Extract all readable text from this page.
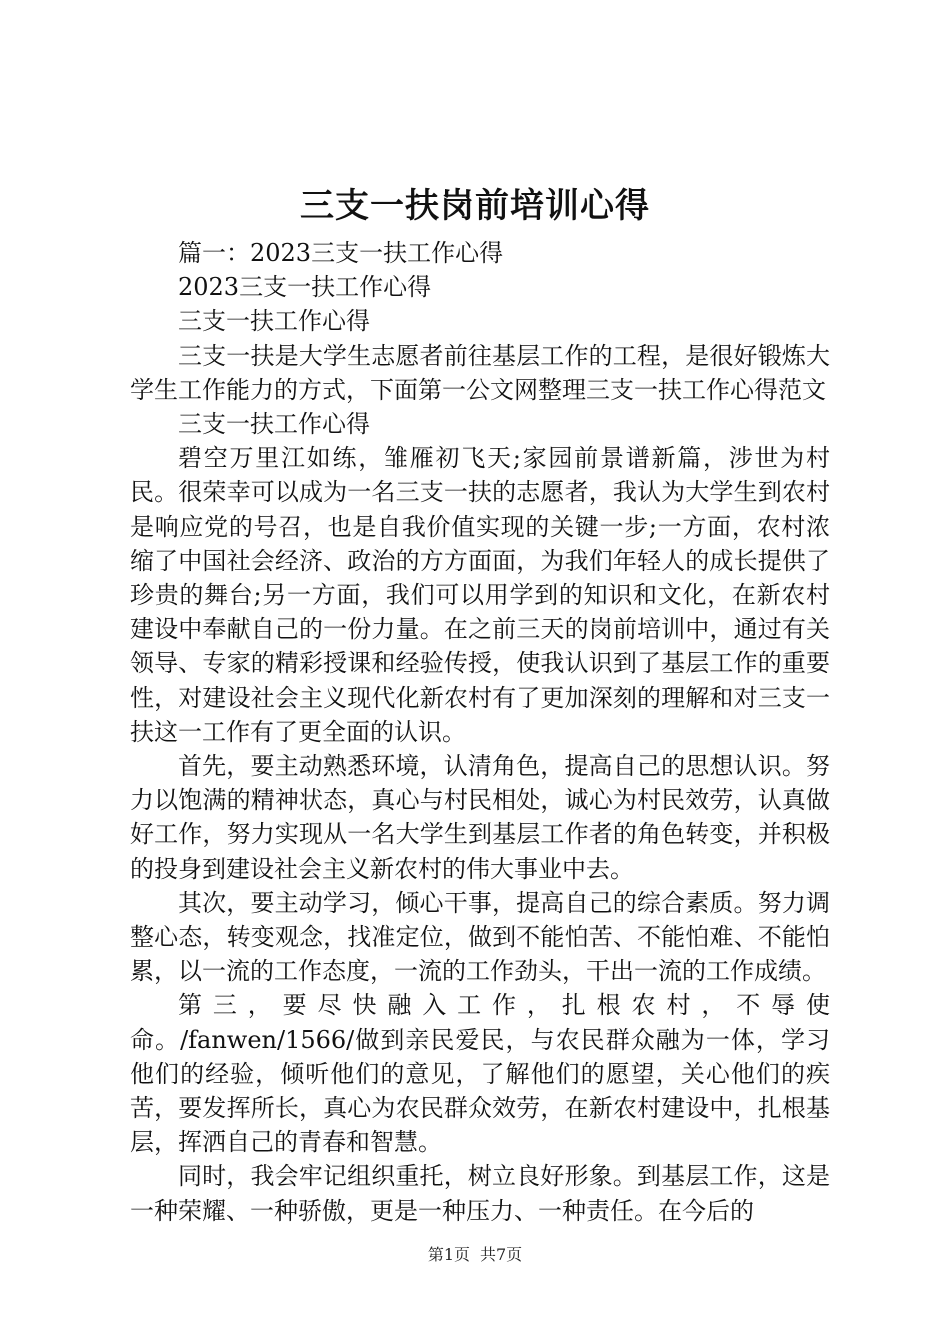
三支一扶岗前培训心得

篇一：2023三支一扶工作心得

2023三支一扶工作心得

三支一扶工作心得

三支一扶是大学生志愿者前往基层工作的工程，是很好锻炼大学生工作能力的方式，下面第一公文网整理三支一扶工作心得范文

三支一扶工作心得

碧空万里江如练，雏雁初飞天;家园前景谱新篇，涉世为村民。很荣幸可以成为一名三支一扶的志愿者，我认为大学生到农村是响应党的号召，也是自我价值实现的关键一步;一方面，农村浓缩了中国社会经济、政治的方方面面，为我们年轻人的成长提供了珍贵的舞台;另一方面，我们可以用学到的知识和文化，在新农村建设中奉献自己的一份力量。在之前三天的岗前培训中，通过有关领导、专家的精彩授课和经验传授，使我认识到了基层工作的重要性，对建设社会主义现代化新农村有了更加深刻的理解和对三支一扶这一工作有了更全面的认识。

首先，要主动熟悉环境，认清角色，提高自己的思想认识。努力以饱满的精神状态，真心与村民相处，诚心为村民效劳，认真做好工作，努力实现从一名大学生到基层工作者的角色转变，并积极的投身到建设社会主义新农村的伟大事业中去。

其次，要主动学习，倾心干事，提高自己的综合素质。努力调整心态，转变观念，找准定位，做到不能怕苦、不能怕难、不能怕累，以一流的工作态度，一流的工作劲头，干出一流的工作成绩。

第三，要尽快融入工作，扎根农村，不辱使命。/fanwen/1566/做到亲民爱民，与农民群众融为一体，学习他们的经验，倾听他们的意见，了解他们的愿望，关心他们的疾苦，要发挥所长，真心为农民群众效劳，在新农村建设中，扎根基层，挥洒自己的青春和智慧。

同时，我会牢记组织重托，树立良好形象。到基层工作，这是一种荣耀、一种骄傲，更是一种压力、一种责任。在今后的

第1页 共7页
